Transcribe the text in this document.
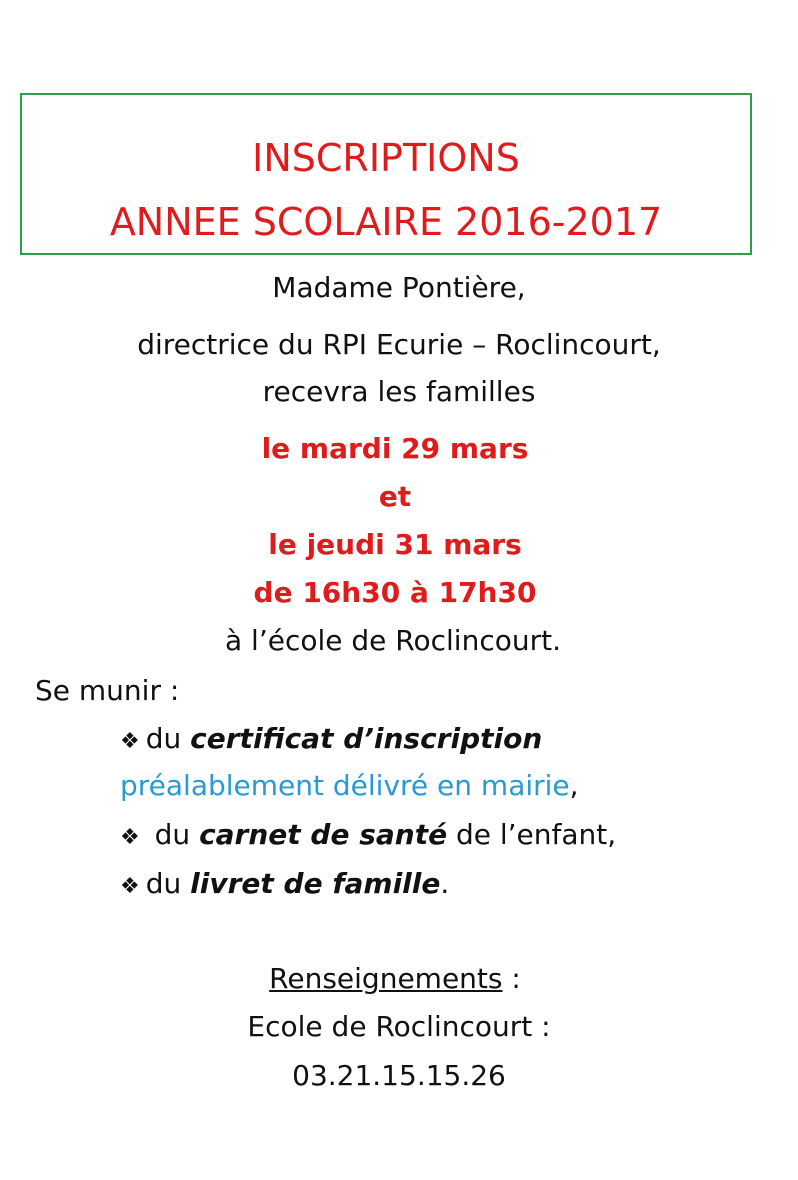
INSCRIPTIONS
ANNEE SCOLAIRE 2016-2017
Madame Pontière,
directrice du RPI Ecurie – Roclincourt,
recevra les familles
le mardi 29 mars
et
le jeudi 31 mars
de 16h30 à 17h30
à l’école de Roclincourt.
Se munir :
❖ du certificat d’inscription
préalablement délivré en mairie,
❖ du carnet de santé de l’enfant,
❖ du livret de famille.
Renseignements :
Ecole de Roclincourt :
03.21.15.15.26
